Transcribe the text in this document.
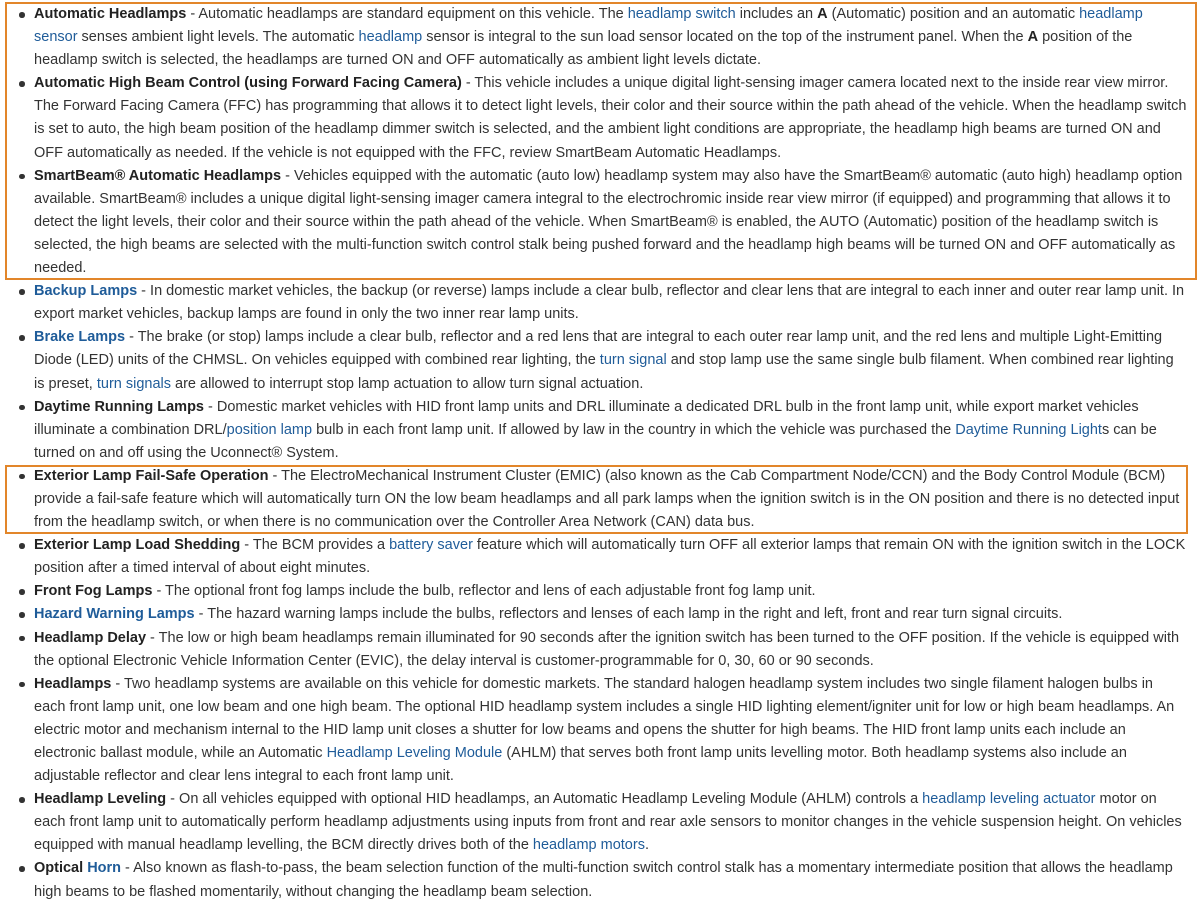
Automatic Headlamps - Automatic headlamps are standard equipment on this vehicle. The headlamp switch includes an A (Automatic) position and an automatic headlamp sensor senses ambient light levels. The automatic headlamp sensor is integral to the sun load sensor located on the top of the instrument panel. When the A position of the headlamp switch is selected, the headlamps are turned ON and OFF automatically as ambient light levels dictate.
Automatic High Beam Control (using Forward Facing Camera) - This vehicle includes a unique digital light-sensing imager camera located next to the inside rear view mirror. The Forward Facing Camera (FFC) has programming that allows it to detect light levels, their color and their source within the path ahead of the vehicle. When the headlamp switch is set to auto, the high beam position of the headlamp dimmer switch is selected, and the ambient light conditions are appropriate, the headlamp high beams are turned ON and OFF automatically as needed. If the vehicle is not equipped with the FFC, review SmartBeam Automatic Headlamps.
SmartBeam® Automatic Headlamps - Vehicles equipped with the automatic (auto low) headlamp system may also have the SmartBeam® automatic (auto high) headlamp option available. SmartBeam® includes a unique digital light-sensing imager camera integral to the electrochromic inside rear view mirror (if equipped) and programming that allows it to detect the light levels, their color and their source within the path ahead of the vehicle. When SmartBeam® is enabled, the AUTO (Automatic) position of the headlamp switch is selected, the high beams are selected with the multi-function switch control stalk being pushed forward and the headlamp high beams will be turned ON and OFF automatically as needed.
Backup Lamps - In domestic market vehicles, the backup (or reverse) lamps include a clear bulb, reflector and clear lens that are integral to each inner and outer rear lamp unit. In export market vehicles, backup lamps are found in only the two inner rear lamp units.
Brake Lamps - The brake (or stop) lamps include a clear bulb, reflector and a red lens that are integral to each outer rear lamp unit, and the red lens and multiple Light-Emitting Diode (LED) units of the CHMSL. On vehicles equipped with combined rear lighting, the turn signal and stop lamp use the same single bulb filament. When combined rear lighting is preset, turn signals are allowed to interrupt stop lamp actuation to allow turn signal actuation.
Daytime Running Lamps - Domestic market vehicles with HID front lamp units and DRL illuminate a dedicated DRL bulb in the front lamp unit, while export market vehicles illuminate a combination DRL/position lamp bulb in each front lamp unit. If allowed by law in the country in which the vehicle was purchased the Daytime Running Lights can be turned on and off using the Uconnect® System.
Exterior Lamp Fail-Safe Operation - The ElectroMechanical Instrument Cluster (EMIC) (also known as the Cab Compartment Node/CCN) and the Body Control Module (BCM) provide a fail-safe feature which will automatically turn ON the low beam headlamps and all park lamps when the ignition switch is in the ON position and there is no detected input from the headlamp switch, or when there is no communication over the Controller Area Network (CAN) data bus.
Exterior Lamp Load Shedding - The BCM provides a battery saver feature which will automatically turn OFF all exterior lamps that remain ON with the ignition switch in the LOCK position after a timed interval of about eight minutes.
Front Fog Lamps - The optional front fog lamps include the bulb, reflector and lens of each adjustable front fog lamp unit.
Hazard Warning Lamps - The hazard warning lamps include the bulbs, reflectors and lenses of each lamp in the right and left, front and rear turn signal circuits.
Headlamp Delay - The low or high beam headlamps remain illuminated for 90 seconds after the ignition switch has been turned to the OFF position. If the vehicle is equipped with the optional Electronic Vehicle Information Center (EVIC), the delay interval is customer-programmable for 0, 30, 60 or 90 seconds.
Headlamps - Two headlamp systems are available on this vehicle for domestic markets. The standard halogen headlamp system includes two single filament halogen bulbs in each front lamp unit, one low beam and one high beam. The optional HID headlamp system includes a single HID lighting element/igniter unit for low or high beam headlamps. An electric motor and mechanism internal to the HID lamp unit closes a shutter for low beams and opens the shutter for high beams. The HID front lamp units each include an electronic ballast module, while an Automatic Headlamp Leveling Module (AHLM) that serves both front lamp units levelling motor. Both headlamp systems also include an adjustable reflector and clear lens integral to each front lamp unit.
Headlamp Leveling - On all vehicles equipped with optional HID headlamps, an Automatic Headlamp Leveling Module (AHLM) controls a headlamp leveling actuator motor on each front lamp unit to automatically perform headlamp adjustments using inputs from front and rear axle sensors to monitor changes in the vehicle suspension height. On vehicles equipped with manual headlamp levelling, the BCM directly drives both of the headlamp motors.
Optical Horn - Also known as flash-to-pass, the beam selection function of the multi-function switch control stalk has a momentary intermediate position that allows the headlamp high beams to be flashed momentarily, without changing the headlamp beam selection.
